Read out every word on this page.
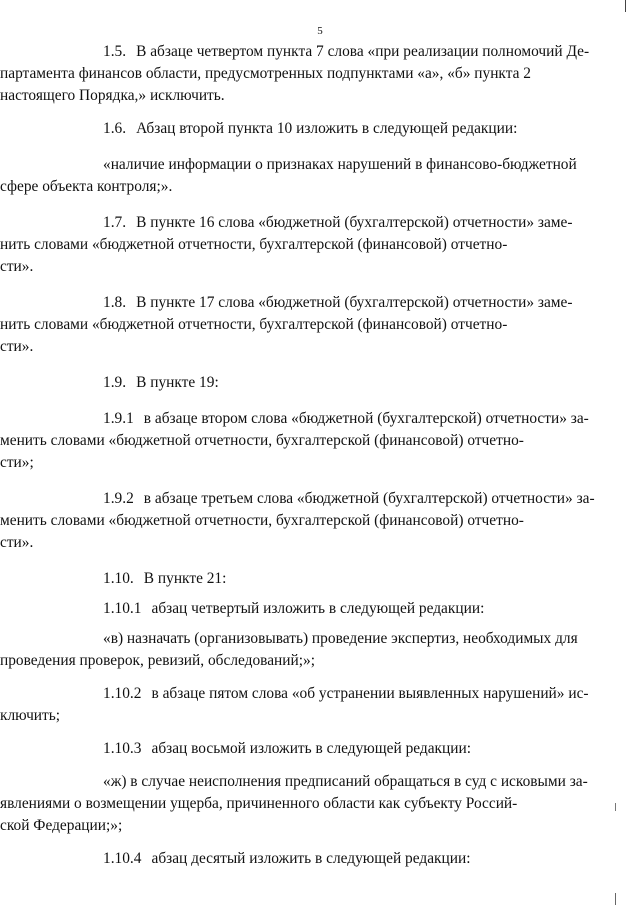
5
1.5. В абзаце четвертом пункта 7 слова «при реализации полномочий Де-
партамента финансов области, предусмотренных подпунктами «а», «б» пункта 2
настоящего Порядка,» исключить.
1.6. Абзац второй пункта 10 изложить в следующей редакции:
«наличие информации о признаках нарушений в финансово-бюджетной
сфере объекта контроля;».
1.7. В пункте 16 слова «бюджетной (бухгалтерской) отчетности» заме-
нить словами «бюджетной отчетности, бухгалтерской (финансовой) отчетно-
сти».
1.8. В пункте 17 слова «бюджетной (бухгалтерской) отчетности» заме-
нить словами «бюджетной отчетности, бухгалтерской (финансовой) отчетно-
сти».
1.9. В пункте 19:
1.9.1 в абзаце втором слова «бюджетной (бухгалтерской) отчетности» за-
менить словами «бюджетной отчетности, бухгалтерской (финансовой) отчетно-
сти»;
1.9.2 в абзаце третьем слова «бюджетной (бухгалтерской) отчетности» за-
менить словами «бюджетной отчетности, бухгалтерской (финансовой) отчетно-
сти».
1.10. В пункте 21:
1.10.1 абзац четвертый изложить в следующей редакции:
«в) назначать (организовывать) проведение экспертиз, необходимых для
проведения проверок, ревизий, обследований;»;
1.10.2 в абзаце пятом слова «об устранении выявленных нарушений» ис-
ключить;
1.10.3 абзац восьмой изложить в следующей редакции:
«ж) в случае неисполнения предписаний обращаться в суд с исковыми за-
явлениями о возмещении ущерба, причиненного области как субъекту Россий-
ской Федерации;»;
1.10.4 абзац десятый изложить в следующей редакции:
